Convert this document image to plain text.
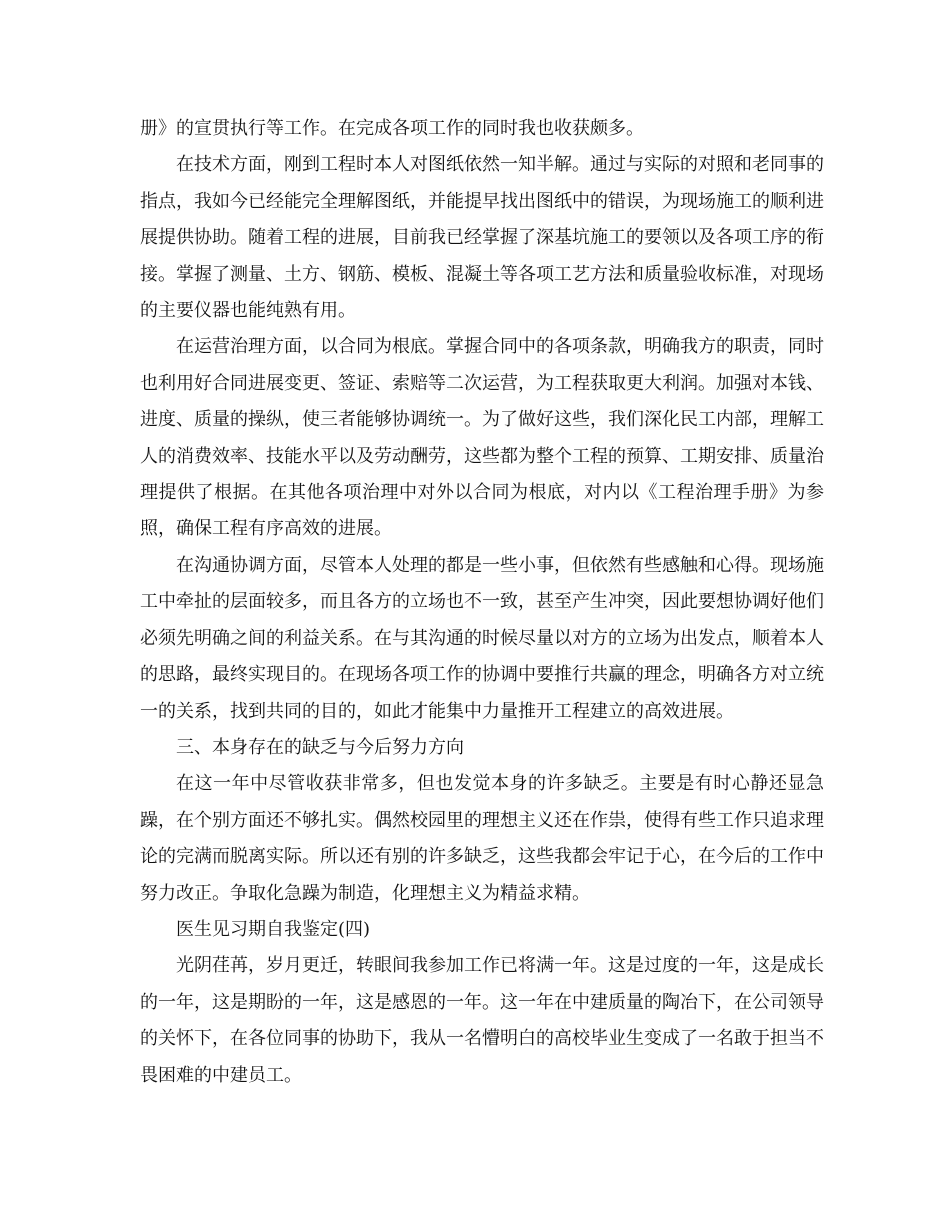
册》的宣贯执行等工作。在完成各项工作的同时我也收获颇多。

在技术方面，刚到工程时本人对图纸依然一知半解。通过与实际的对照和老同事的指点，我如今已经能完全理解图纸，并能提早找出图纸中的错误，为现场施工的顺利进展提供协助。随着工程的进展，目前我已经掌握了深基坑施工的要领以及各项工序的衔接。掌握了测量、土方、钢筋、模板、混凝土等各项工艺方法和质量验收标准，对现场的主要仪器也能纯熟有用。

在运营治理方面，以合同为根底。掌握合同中的各项条款，明确我方的职责，同时也利用好合同进展变更、签证、索赔等二次运营，为工程获取更大利润。加强对本钱、进度、质量的操纵，使三者能够协调统一。为了做好这些，我们深化民工内部，理解工人的消费效率、技能水平以及劳动酬劳，这些都为整个工程的预算、工期安排、质量治理提供了根据。在其他各项治理中对外以合同为根底，对内以《工程治理手册》为参照，确保工程有序高效的进展。

在沟通协调方面，尽管本人处理的都是一些小事，但依然有些感触和心得。现场施工中牵扯的层面较多，而且各方的立场也不一致，甚至产生冲突，因此要想协调好他们必须先明确之间的利益关系。在与其沟通的时候尽量以对方的立场为出发点，顺着本人的思路，最终实现目的。在现场各项工作的协调中要推行共赢的理念，明确各方对立统一的关系，找到共同的目的，如此才能集中力量推开工程建立的高效进展。

三、本身存在的缺乏与今后努力方向

在这一年中尽管收获非常多，但也发觉本身的许多缺乏。主要是有时心静还显急躁，在个别方面还不够扎实。偶然校园里的理想主义还在作祟，使得有些工作只追求理论的完满而脱离实际。所以还有别的许多缺乏，这些我都会牢记于心，在今后的工作中努力改正。争取化急躁为制造，化理想主义为精益求精。

医生见习期自我鉴定(四)

光阴荏苒，岁月更迁，转眼间我参加工作已将满一年。这是过度的一年，这是成长的一年，这是期盼的一年，这是感恩的一年。这一年在中建质量的陶冶下，在公司领导的关怀下，在各位同事的协助下，我从一名懵明白的高校毕业生变成了一名敢于担当不畏困难的中建员工。
